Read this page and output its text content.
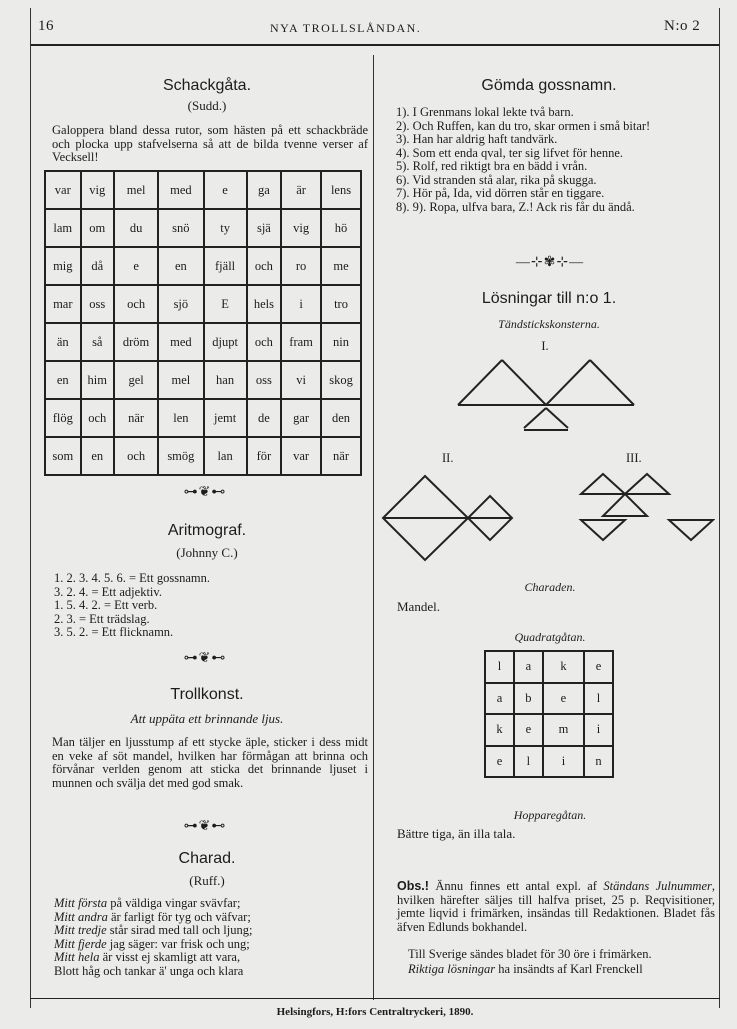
16	NYA TROLLSLÅNDAN.	N:o 2
Schackgåta.
(Sudd.)
Galoppera bland dessa rutor, som hästen på ett schackbräde och plocka upp stafvelserna så att de bilda tvenne verser af Vecksell!
var	vig	mel	med	e	ga	är	lens
lam	om	du	snö	ty	sjä	vig	hö
mig	då	e	en	fjäll	och	ro	me
mar	oss	och	sjö	E	hels	i	tro
än	så	dröm	med	djupt	och	fram	nin
en	him	gel	mel	han	oss	vi	skog
flög	och	när	len	jemt	de	gar	den
som	en	och	smög	lan	för	var	när
⊶❦⊷
Aritmograf.
(Johnny C.)
1. 2. 3. 4. 5. 6. = Ett gossnamn.
3. 2. 4. = Ett adjektiv.
1. 5. 4. 2. = Ett verb.
2. 3. = Ett trädslag.
3. 5. 2. = Ett flicknamn.
⊶❦⊷
Trollkonst.
Att uppäta ett brinnande ljus.
Man täljer en ljusstump af ett stycke äple, sticker i dess midt en veke af söt mandel, hvilken har förmågan att brinna och förvånar verlden genom att sticka det brinnande ljuset i munnen och svälja det med god smak.
⊶❦⊷
Charad.
(Ruff.)
Mitt första på väldiga vingar svävfar;
Mitt andra är farligt för tyg och väfvar;
Mitt tredje står sirad med tall och ljung;
Mitt fjerde jag säger: var frisk och ung;
Mitt hela är visst ej skamligt att vara,
Blott håg och tankar ä' unga och klara
Gömda gossnamn.
1). I Grenmans lokal lekte två barn.
2). Och Ruffen, kan du tro, skar ormen i små bitar!
3). Han har aldrig haft tandvärk.
4). Som ett enda qval, ter sig lifvet för henne.
5). Rolf, red riktigt bra en bädd i vrån.
6). Vid stranden stå alar, rika på skugga.
7). Hör på, Ida, vid dörren står en tiggare.
8). 9). Ropa, ulfva bara, Z.! Ack ris får du ändå.
—⊹✾⊹—
Lösningar till n:o 1.
Tändstickskonsterna.
I.
II.	III.
Charaden.
Mandel.
Quadratgåtan.
l	a	k	e
a	b	e	l
k	e	m	i
e	l	i	n
Hopparegåtan.
Bättre tiga, än illa tala.
Obs.! Ännu finnes ett antal expl. af Ständans Julnummer, hvilken härefter säljes till halfva priset, 25 p. Reqvisitioner, jemte liqvid i frimärken, insändas till Redaktionen. Bladet fås äfven Edlunds bokhandel.
Till Sverige sändes bladet för 30 öre i frimärken.
Riktiga lösningar ha insändts af Karl Frenckell
Helsingfors, H:fors Centraltryckeri, 1890.
